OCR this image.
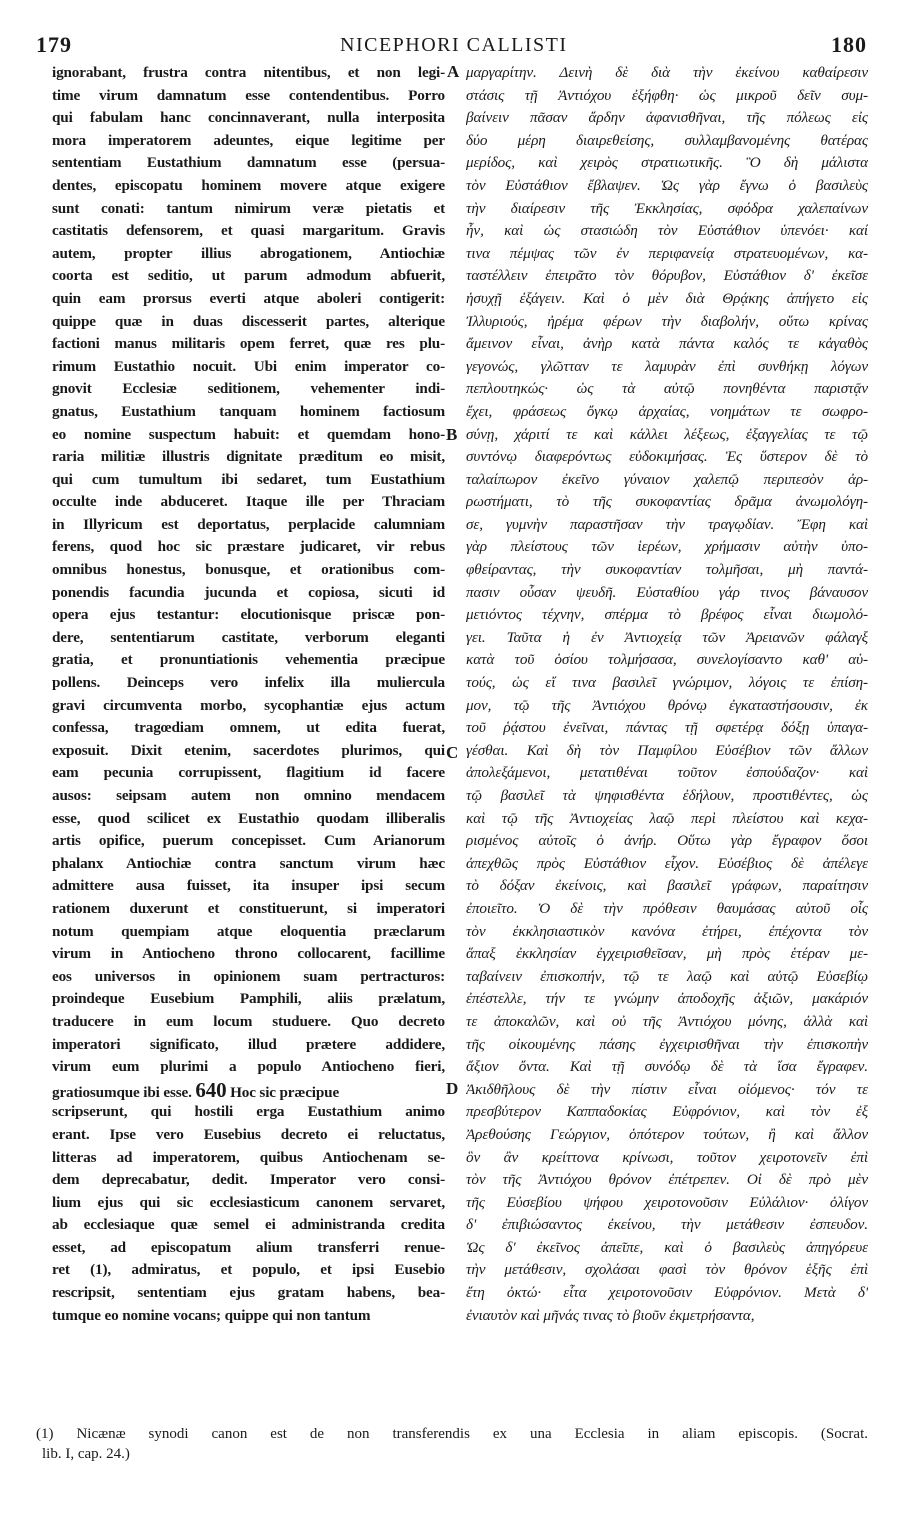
179	NICEPHORI CALLISTI	180
ignorabant, frustra contra nitentibus, et non legi-
time virum damnatum esse contendentibus. Porro
qui fabulam hanc concinnaverant, nulla interposita
mora imperatorem adeuntes, eique legitime per
sententiam Eustathium damnatum esse (persua-
dentes, episcopatu hominem movere atque exigere
sunt conati: tantum nimirum veræ pietatis et
castitatis defensorem, et quasi margaritum. Gravis
autem, propter illius abrogationem, Antiochiæ
coorta est seditio, ut parum admodum abfuerit,
quin eam prorsus everti atque aboleri contigerit:
quippe quæ in duas discesserit partes, alterique
factioni manus militaris opem ferret, quæ res plu-
rimum Eustathio nocuit. Ubi enim imperator co-
gnovit Ecclesiæ seditionem, vehementer indi-
gnatus, Eustathium tanquam hominem factiosum
eo nomine suspectum habuit: et quemdam hono-
raria militiæ illustris dignitate præditum eo misit,
qui cum tumultum ibi sedaret, tum Eustathium
occulte inde abduceret. Itaque ille per Thraciam
in Illyricum est deportatus, perplacide calumniam
ferens, quod hoc sic præstare judicaret, vir rebus
omnibus honestus, bonusque, et orationibus com-
ponendis facundia jucunda et copiosa, sicuti id
opera ejus testantur: elocutionisque priscæ pon-
dere, sententiarum castitate, verborum eleganti
gratia, et pronuntiationis vehementia præcipue
pollens. Deinceps vero infelix illa muliercula
gravi circumventa morbo, sycophantiæ ejus actum
confessa, tragœdiam omnem, ut edita fuerat,
exposuit. Dixit etenim, sacerdotes plurimos, qui
eam pecunia corrupissent, flagitium id facere
ausos: seipsam autem non omnino mendacem
esse, quod scilicet ex Eustathio quodam illiberalis
artis opifice, puerum concepisset. Cum Arianorum
phalanx Antiochiæ contra sanctum virum hæc
admittere ausa fuisset, ita insuper ipsi secum
rationem duxerunt et constituerunt, si imperatori
notum quempiam atque eloquentia præclarum
virum in Antiocheno throno collocarent, facillime
eos universos in opinionem suam pertracturos:
proindeque Eusebium Pamphili, aliis prælatum,
traducere in eum locum studuere. Quo decreto
imperatori significato, illud prætere addidere,
virum eum plurimi a populo Antiocheno fieri,
gratiosumque ibi esse. 640 Hoc sic præcipue
scripserunt, qui hostili erga Eustathium animo
erant. Ipse vero Eusebius decreto ei reluctatus,
litteras ad imperatorem, quibus Antiochenam se-
dem deprecabatur, dedit. Imperator vero consi-
lium ejus qui sic ecclesiasticum canonem servaret,
ab ecclesiaque quæ semel ei administranda credita
esset, ad episcopatum alium transferri renue-
ret (1), admiratus, et populo, et ipsi Eusebio
rescripsit, sententiam ejus gratam habens, bea-
tumque eo nomine vocans; quippe qui non tantum
μαργαρίτην. Δεινὴ δὲ διὰ τὴν ἐκείνου καθαίρεσιν
στάσις τῇ Ἀντιόχου ἐξήφθη· ὡς μικροῦ δεῖν συμ-
βαίνειν πᾶσαν ἄρδην ἀφανισθῆναι, τῆς πόλεως εἰς
δύο μέρη διαιρεθείσης, συλλαμβανομένης θατέρας
μερίδος, καὶ χειρὸς στρατιωτικῆς. Ὃ δὴ μάλιστα
τὸν Εὐστάθιον ἔβλαψεν. Ὡς γὰρ ἔγνω ὁ βασιλεὺς
τὴν διαίρεσιν τῆς Ἐκκλησίας, σφόδρα χαλεπαίνων
ἦν, καὶ ὡς στασιώδη τὸν Εὐστάθιον ὑπενόει· καί
τινα πέμψας τῶν ἐν περιφανείᾳ στρατευομένων, κα-
ταστέλλειν ἐπειρᾶτο τὸν θόρυβον, Εὐστάθιον δ' ἐκεῖσε
ἡσυχῇ ἐξάγειν. Καὶ ὁ μὲν διὰ Θρᾴκης ἀπήγετο εἰς
Ἰλλυριούς, ἠρέμα φέρων τὴν διαβολήν, οὕτω κρίνας
ἄμεινον εἶναι, ἀνὴρ κατὰ πάντα καλός τε κἀγαθὸς
γεγονώς, γλῶτταν τε λαμυρὰν ἐπὶ συνθήκῃ λόγων
πεπλουτηκώς· ὡς τὰ αὐτῷ πονηθέντα παριστᾷν
ἔχει, φράσεως ὄγκῳ ἀρχαίας, νοημάτων τε σωφρο-
σύνῃ, χάριτί τε καὶ κάλλει λέξεως, ἐξαγγελίας τε τῷ
συντόνῳ διαφερόντως εὐδοκιμήσας. Ἐς ὕστερον δὲ τὸ
ταλαίπωρον ἐκεῖνο γύναιον χαλεπῷ περιπεσὸν ἀρ-
ρωστήματι, τὸ τῆς συκοφαντίας δρᾶμα ἀνωμολόγη-
σε, γυμνὴν παραστῆσαν τὴν τραγῳδίαν. Ἔφη καὶ
γὰρ πλείστους τῶν ἱερέων, χρήμασιν αὐτὴν ὑπο-
φθείραντας, τὴν συκοφαντίαν τολμῆσαι, μὴ παντά-
πασιν οὖσαν ψευδῆ. Εὐσταθίου γάρ τινος βάναυσον
μετιόντος τέχνην, σπέρμα τὸ βρέφος εἶναι διωμολό-
γει. Ταῦτα ἡ ἐν Ἀντιοχείᾳ τῶν Ἀρειανῶν φάλαγξ
κατὰ τοῦ ὁσίου τολμήσασα, συνελογίσαντο καθ' αὑ-
τούς, ὡς εἴ τινα βασιλεῖ γνώριμον, λόγοις τε ἐπίση-
μον, τῷ τῆς Ἀντιόχου θρόνῳ ἐγκαταστήσουσιν, ἐκ
τοῦ ῥᾴστου ἐνεῖναι, πάντας τῇ σφετέρᾳ δόξῃ ὑπαγα-
γέσθαι. Καὶ δὴ τὸν Παμφίλου Εὐσέβιον τῶν ἄλλων
ἀπολεξάμενοι, μετατιθέναι τοῦτον ἐσπούδαζον· καὶ
τῷ βασιλεῖ τὰ ψηφισθέντα ἐδήλουν, προστιθέντες, ὡς
καὶ τῷ τῆς Ἀντιοχείας λαῷ περὶ πλείστου καὶ κεχα-
ρισμένος αὐτοῖς ὁ ἀνήρ. Οὕτω γὰρ ἔγραφον ὅσοι
ἀπεχθῶς πρὸς Εὐστάθιον εἶχον. Εὐσέβιος δὲ ἀπέλεγε
τὸ δόξαν ἐκείνοις, καὶ βασιλεῖ γράφων, παραίτησιν
ἐποιεῖτο. Ὁ δὲ τὴν πρόθεσιν θαυμάσας αὐτοῦ οἷς
τὸν ἐκκλησιαστικὸν κανόνα ἐτήρει, ἐπέχοντα τὸν
ἅπαξ ἐκκλησίαν ἐγχειρισθεῖσαν, μὴ πρὸς ἑτέραν με-
ταβαίνειν ἐπισκοπήν, τῷ τε λαῷ καὶ αὐτῷ Εὐσεβίῳ
ἐπέστελλε, τήν τε γνώμην ἀποδοχῆς ἀξιῶν, μακάριόν
τε ἀποκαλῶν, καὶ οὐ τῆς Ἀντιόχου μόνης, ἀλλὰ καὶ
τῆς οἰκουμένης πάσης ἐγχειρισθῆναι τὴν ἐπισκοπὴν
ἄξιον ὄντα. Καὶ τῇ συνόδῳ δὲ τὰ ἴσα ἔγραφεν.
Ἀκιδθῆλους δὲ τὴν πίστιν εἶναι οἰόμενος· τόν τε
πρεσβύτερον Καππαδοκίας Εὐφρόνιον, καὶ τὸν ἐξ
Ἀρεθούσης Γεώργιον, ὁπότερον τούτων, ἢ καὶ ἄλλον
ὃν ἂν κρείττονα κρίνωσι, τοῦτον χειροτονεῖν ἐπὶ
τὸν τῆς Ἀντιόχου θρόνον ἐπέτρεπεν. Οἱ δὲ πρὸ μὲν
τῆς Εὐσεβίου ψήφου χειροτονοῦσιν Εὐλάλιον· ὀλίγον
δ' ἐπιβιώσαντος ἐκείνου, τὴν μετάθεσιν ἐσπευδον.
Ὡς δ' ἐκεῖνος ἀπεῖπε, καὶ ὁ βασιλεὺς ἀπηγόρευε
τὴν μετάθεσιν, σχολάσαι φασὶ τὸν θρόνον ἑξῆς ἐπὶ
ἔτη ὀκτώ· εἶτα χειροτονοῦσιν Εὐφρόνιον. Μετὰ δ'
ἐνιαυτὸν καὶ μῆνάς τινας τὸ βιοῦν ἐκμετρήσαντα,
A
B
C
D
(1) Nicænæ synodi canon est de non transferendis ex una Ecclesia in aliam episcopis. (Socrat.
lib. I, cap. 24.)
